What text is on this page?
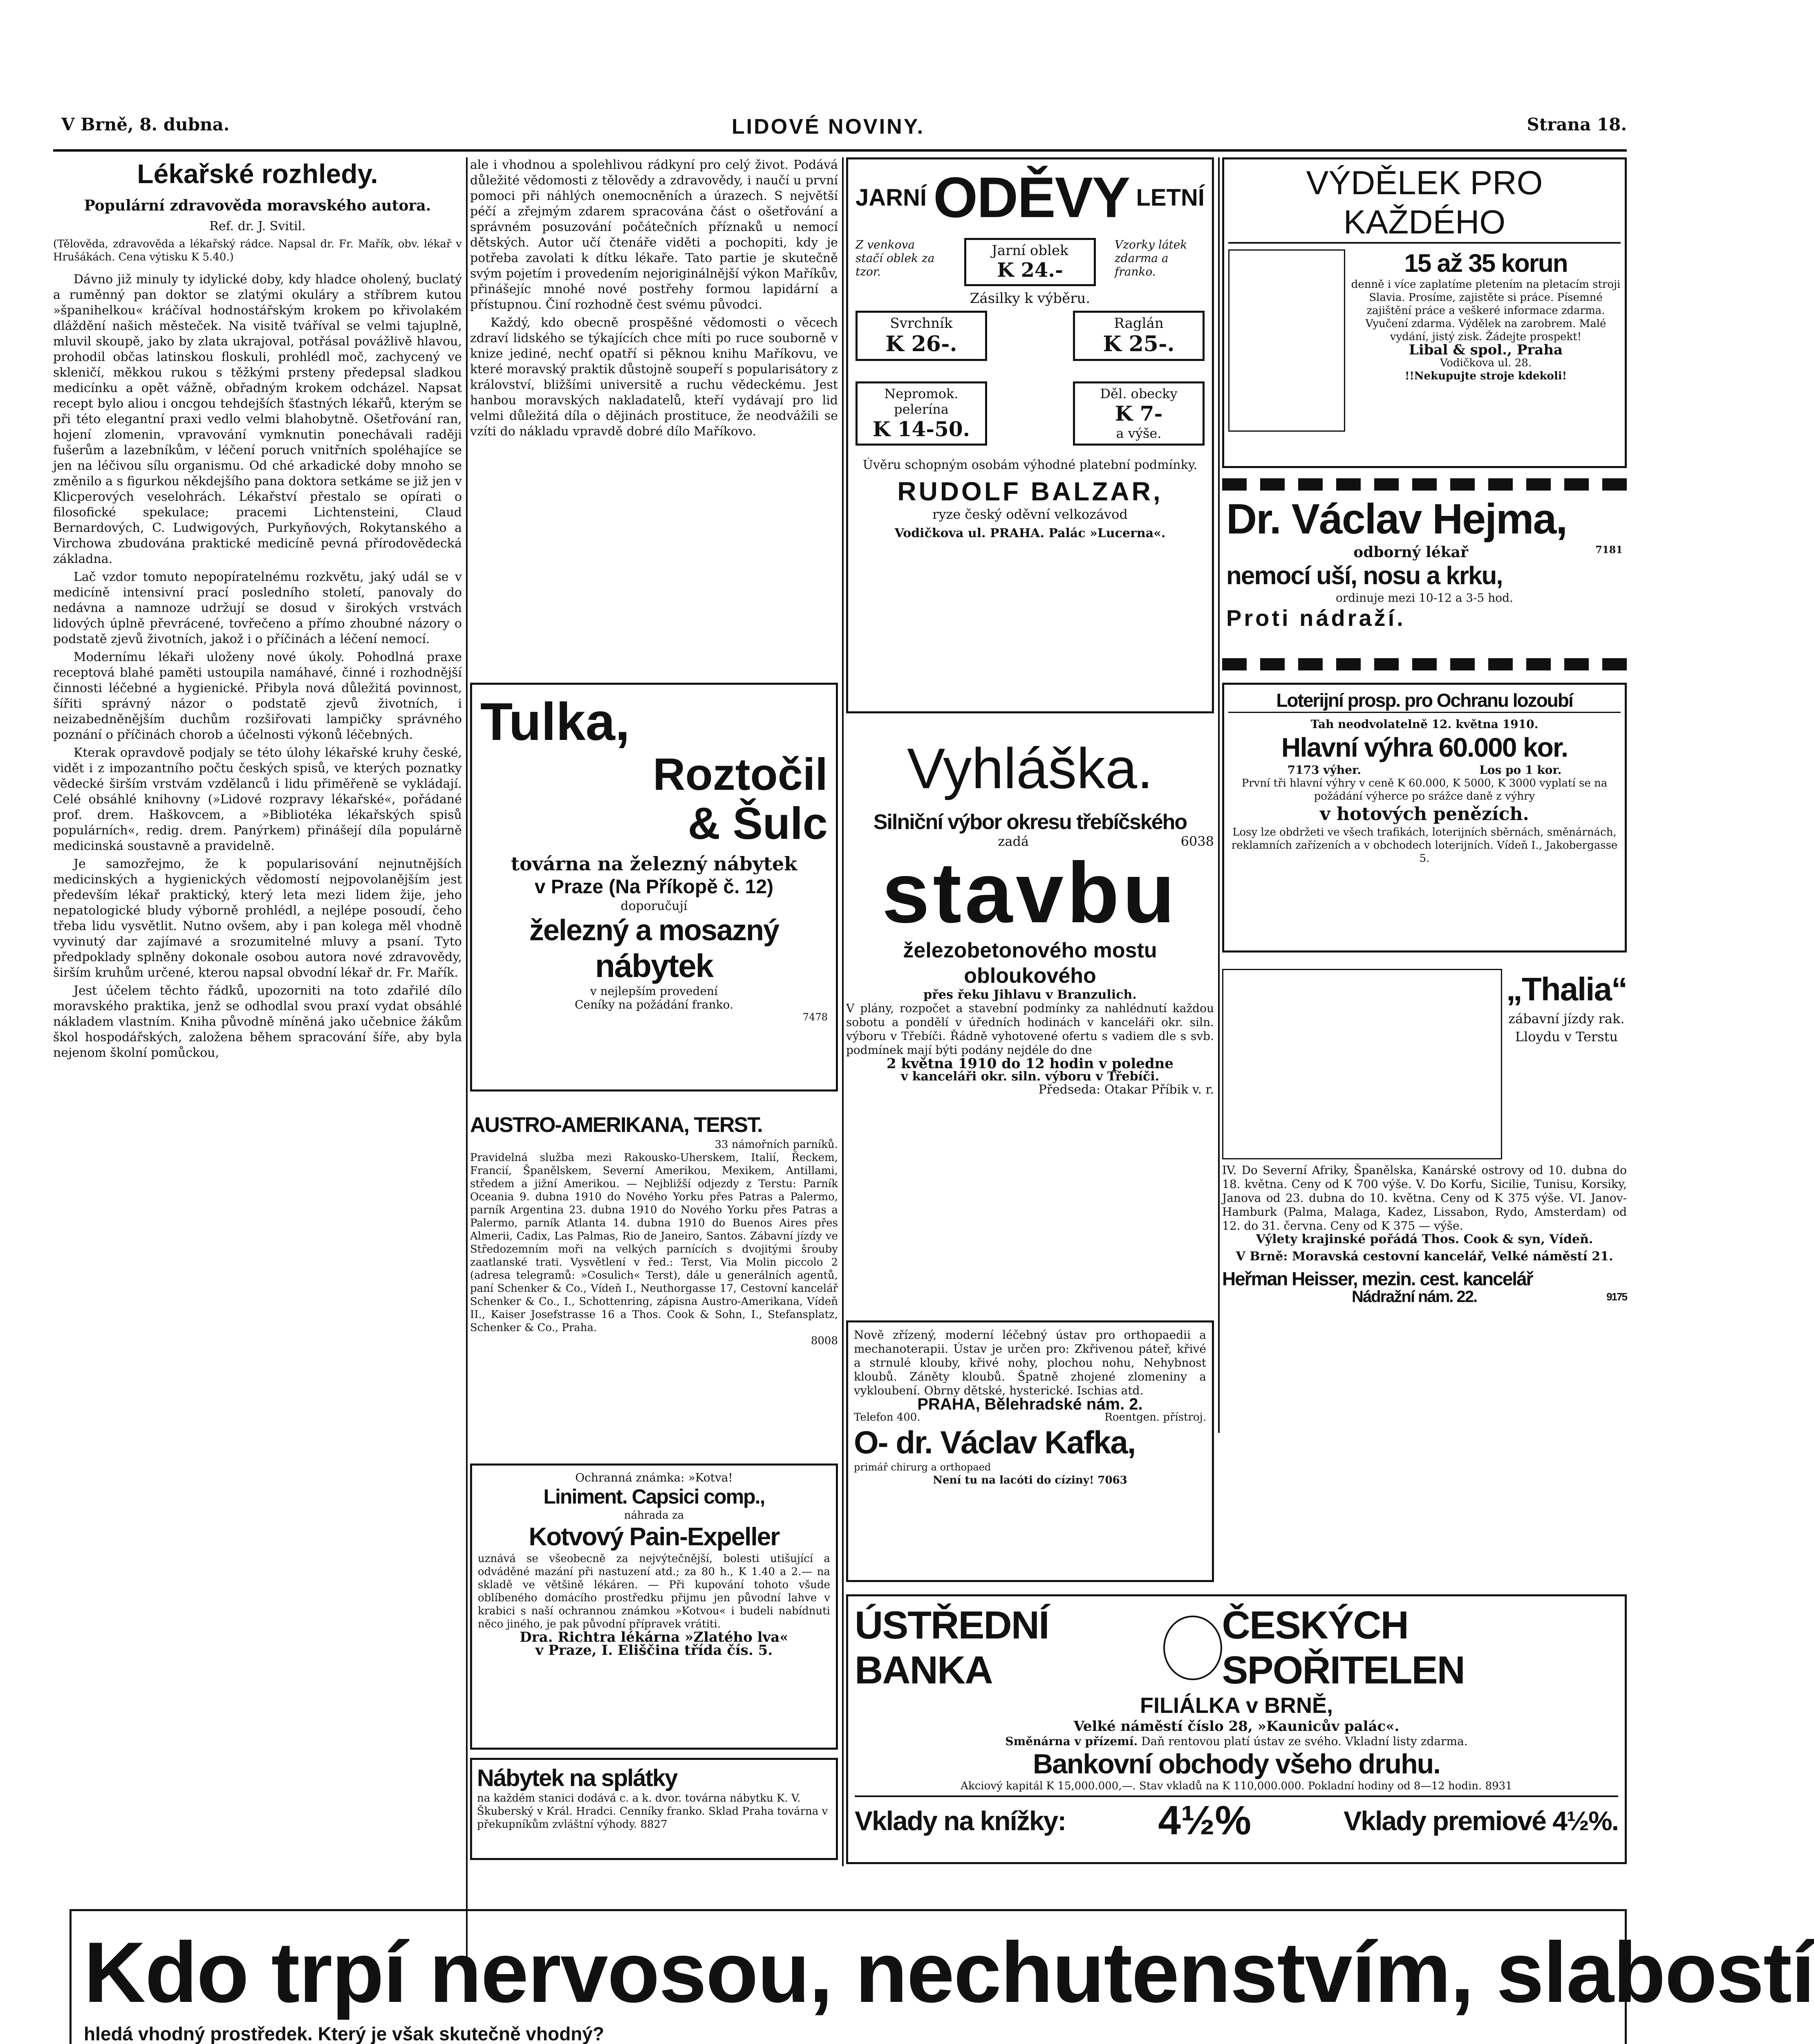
V Brně, 8. dubna.	LIDOVÉ NOVINY.	Strana 18.
Lékařské rozhledy.
Populární zdravověda moravského autora.
Ref. dr. J. Svitil.
(Tělověda, zdravověda a lékařský rádce. Napsal dr. Fr. Mařík, obv. lékař v Hrušákách. Cena výtisku K 5.40.)

Dávno již minuly ty idylické doby, kdy hladce oholený, buclatý a ruměnný pan doktor se zlatými okuláry a stříbrem kutou »španihelkou« kráčíval hodnostářským krokem po křivolakém dláždění našich městeček. Na visitě tváříval se velmi tajuplně, mluvil skoupě, jako by zlata ukrajoval, potřásal povážlivě hlavou, prohodil občas latinskou floskuli, prohlédl moč, zachycený ve skleničí, měkkou rukou s těžkými prsteny předepsal sladkou medicínku a opět vážně, obřadným krokem odcházel. Napsat recept bylo aliou i oncgou tehdejších šťastných lékařů, kterým se při této elegantní praxi vedlo velmi blahobytně. Ošetřování ran, hojení zlomenin, vpravování vymknutin ponechávali raději fušerům a lazebníkům, v léčení poruch vnitřních spoléhajíce se jen na léčivou sílu organismu. Od ché arkadické doby mnoho se změnilo a s figurkou někdejšího pana doktora setkáme se již jen v Klicperových veselohrách. Lékařství přestalo se opírati o filosofické spekulace; pracemi Lichtensteini, Claud Bernardových, C. Ludwigových, Purkyňových, Rokytanského a Virchowa zbudována praktické medicíně pevná přírodovědecká základna.

Lač vzdor tomuto nepopíratelnému rozkvětu, jaký udál se v medicíně intensivní prací posledního století, panovaly do nedávna a namnoze udržují se dosud v širokých vrstvách lidových úplně převrácené, tovřečeno a přímo zhoubné názory o podstatě zjevů životních, jakož i o příčinách a léčení nemocí.

Modernímu lékaři uloženy nové úkoly. Pohodlná praxe receptová blahé paměti ustoupila namáhavé, činné i rozhodnější činnosti léčebné a hygienické. Přibyla nová důležitá povinnost, šířiti správný názor o podstatě zjevů životních, i neizabedněnějším duchům rozšiřovati lampičky správného poznání o příčinách chorob a účelnosti výkonů léčebných.

Kterak opravdově podjaly se této úlohy lékařské kruhy české, vidět i z impozantního počtu českých spisů, ve kterých poznatky vědecké širším vrstvám vzdělanců i lidu přiměřeně se vykládají. Celé obsáhlé knihovny (»Lidové rozpravy lékařské«, pořádané prof. drem. Haškovcem, a »Bibliotéka lékařských spisů populárních«, redig. drem. Panýrkem) přinášejí díla populárně medicinská soustavně a pravidelně.

Je samozřejmo, že k popularisování nejnutnějších medicinských a hygienických vědomostí nejpovolanějším jest především lékař praktický, který leta mezi lidem žije, jeho nepatologické bludy výborně prohlédl, a nejlépe posoudí, čeho třeba lidu vysvětlit. Nutno ovšem, aby i pan kolega měl vhodně vyvinutý dar zajímavé a srozumitelné mluvy a psaní. Tyto předpoklady splněny dokonale osobou autora nové zdravovědy, širším kruhům určené, kterou napsal obvodní lékař dr. Fr. Mařík.

Jest účelem těchto řádků, upozorniti na toto zdařilé dílo moravského praktika, jenž se odhodlal svou praxí vydat obsáhlé nákladem vlastním. Kniha původně míněná jako učebnice žákům škol hospodářských, založena během spracování šíře, aby byla nejenom školní pomůckou,

ale i vhodnou a spolehlivou rádkyní pro celý život. Podává důležité vědomosti z tělovědy a zdravovědy, i naučí u první pomoci při náhlých onemocněních a úrazech. S největší péčí a zřejmým zdarem spracována část o ošetřování a správném posuzování počátečních příznaků u nemocí dětských. Autor učí čtenáře viděti a pochopiti, kdy je potřeba zavolati k dítku lékaře. Tato partie je skutečně svým pojetím i provedením nejoriginálnější výkon Maříkův, přinášejíc mnohé nové postřehy formou lapidární a přístupnou. Činí rozhodně čest svému původci.

Každý, kdo obecně prospěšné vědomosti o věcech zdraví lidského se týkajících chce míti po ruce souborně v knize jediné, nechť opatří si pěknou knihu Maříkovu, ve které moravský praktik důstojně soupeří s popularisátory z království, bližšími universitě a ruchu vědeckému. Jest hanbou moravských nakladatelů, kteří vydávají pro lid velmi důležitá díla o dějinách prostituce, že neodvážili se vzíti do nákladu vpravdě dobré dílo Maříkovo.

Tulka,
Roztočil
& Šulc
továrna na železný nábytek
v Praze (Na Příkopě č. 12)
doporučují
železný a mosazný
nábytek
v nejlepším provedení
Ceníky na požádání franko.
7478
AUSTRO-AMERIKANA, TERST.
33 námořních parníků.
Pravidelná služba mezi Rakousko-Uherskem, Italií, Řeckem, Francií, Španělskem, Severní Amerikou, Mexikem, Antillami, středem a jižní Amerikou. — Nejbližší odjezdy z Terstu: Parník Oceania 9. dubna 1910 do Nového Yorku přes Patras a Palermo, parník Argentina 23. dubna 1910 do Nového Yorku přes Patras a Palermo, parník Atlanta 14. dubna 1910 do Buenos Aires přes Almerii, Cadix, Las Palmas, Rio de Janeiro, Santos. Zábavní jízdy ve Středozemním moři na velkých parnících s dvojitými šrouby zaatlanské trati. Vysvětlení v řed.: Terst, Via Molin piccolo 2 (adresa telegramů: »Cosulich« Terst), dále u generálních agentů, paní Schenker & Co., Vídeň I., Neuthorgasse 17, Cestovní kancelář Schenker & Co., I., Schottenring, zápisna Austro-Amerikana, Vídeň II., Kaiser Josefstrasse 16 a Thos. Cook & Sohn, I., Stefansplatz, Schenker & Co., Praha.
8008
Ochranná známka: »Kotva!
Liniment. Capsici comp.,
náhrada za
Kotvový Pain-Expeller
uznává se všeobecně za nejvýtečnější, bolesti utišující a odváděné mazání při nastuzení atd.; za 80 h., K 1.40 a 2.— na skladě ve většině lékáren. — Při kupování tohoto všude oblíbeného domácího prostředku přijmu jen původní lahve v krabici s naší ochrannou známkou »Kotvou« i budeli nabídnuti něco jiného, je pak původní přípravek vrátiti.
Dra. Richtra lékárna »Zlatého lva«
v Praze, I. Eliščina třída čís. 5.
Nábytek na splátky
na každém stanici dodává c. a k. dvor. továrna nábytku K. V. Škuberský v Král. Hradci. Cenníky franko. Sklad Praha továrna v překupníkům zvláštní výhody. 8827
JARNÍ ODĚVY LETNÍ
Z venkova stačí oblek za tzor.
Jarní oblek
K 24.-
Vzorky látek zdarma a franko.
Zásilky k výběru.
Svrchník
K 26-.
Raglán
K 25-.
Nepromok. pelerína
K 14-50.
Děl. obecky
K 7-
a výše.
Úvěru schopným osobám výhodné platební podmínky.
RUDOLF BALZAR,
ryze český oděvní velkozávod
Vodičkova ul. PRAHA. Palác »Lucerna«.
Vyhláška.
Silniční výbor okresu třebíčského
zadá	6038
stavbu
železobetonového mostu
obloukového
přes řeku Jihlavu v Branzulich.
V plány, rozpočet a stavební podmínky za nahlédnutí každou sobotu a pondělí v úředních hodinách v kanceláři okr. siln. výboru v Třebíči. Řádně vyhotovené ofertu s vadiem dle s svb. podmínek mají býti podány nejdéle do dne
2 května 1910 do 12 hodin v poledne
v kanceláři okr. siln. výboru v Třebíči.
Předseda: Otakar Příbik v. r.
Nově zřízený, moderní léčebný ústav pro orthopaedii a mechanoterapii. Ústav je určen pro: Zkřivenou páteř, křivé a strnulé klouby, křivé nohy, plochou nohu, Nehybnost kloubů. Záněty kloubů. Špatně zhojené zlomeniny a vykloubení. Obrny dětské, hysterické. Ischias atd.
PRAHA, Bělehradské nám. 2.
Telefon 400.	Roentgen. přístroj.
O- dr. Václav Kafka,
primář chirurg a orthopaed
Není tu na lacóti do cíziny! 7063
VÝDĚLEK PRO KAŽDÉHO
15 až 35 korun
denně i více zaplatíme pletením na pletacím stroji Slavia. Prosíme, zajistěte si práce. Písemné zajištění práce a veškeré informace zdarma. Vyučení zdarma. Výdělek na zarobrem. Malé vydání, jistý zisk. Žádejte prospekt!
Libal & spol., Praha
Vodičkova ul. 28.
!!Nekupujte stroje kdekoli!
Dr. Václav Hejma,
odborný lékař	7181
nemocí uší, nosu a krku,
ordinuje mezi 10-12 a 3-5 hod.
Proti nádraží.
Loterijní prosp. pro Ochranu lozoubí
Tah neodvolatelně 12. května 1910.
Hlavní výhra 60.000 kor.
7173 výher.	Los po 1 kor.
První tři hlavní výhry v ceně K 60.000, K 5000, K 3000 vyplatí se na požádání výherce po srážce daně z výhry
v hotových penězích.
Losy lze obdržeti ve všech trafikách, loterijních sběrnách, směnárnách, reklamních zařízeních a v obchodech loterijních. Vídeň I., Jakobergasse 5.
„Thalia“
zábavní jízdy rak. Lloydu v Terstu
IV. Do Severní Afriky, Španělska, Kanárské ostrovy od 10. dubna do 18. května. Ceny od K 700 výše. V. Do Korfu, Sicilie, Tunisu, Korsiky, Janova od 23. dubna do 10. května. Ceny od K 375 výše. VI. Janov-Hamburk (Palma, Malaga, Kadez, Lissabon, Rydo, Amsterdam) od 12. do 31. června. Ceny od K 375 — výše.
Výlety krajinské pořádá Thos. Cook & syn, Vídeň.
V Brně: Moravská cestovní kancelář, Velké náměstí 21.
Heřman Heisser, mezin. cest. kancelář
Nádražní nám. 22.	9175
ÚSTŘEDNÍ BANKA
ČESKÝCH SPOŘITELEN
FILIÁLKA v BRNĚ,
Velké náměstí číslo 28, »Kaunicův palác«.
Směnárna v přízemí. Daň rentovou platí ústav ze svého. Vkladní listy zdarma.
Bankovní obchody všeho druhu.
Akciový kapitál K 15,000.000,—. Stav vkladů na K 110,000.000. Pokladní hodiny od 8—12 hodin. 8931
Vklady na knížky: 4½%	Vklady premiové 4½%.
Kdo trpí nervosou, nechutenstvím, slabostí
hledá vhodný prostředek. Který je však skutečně vhodný?
